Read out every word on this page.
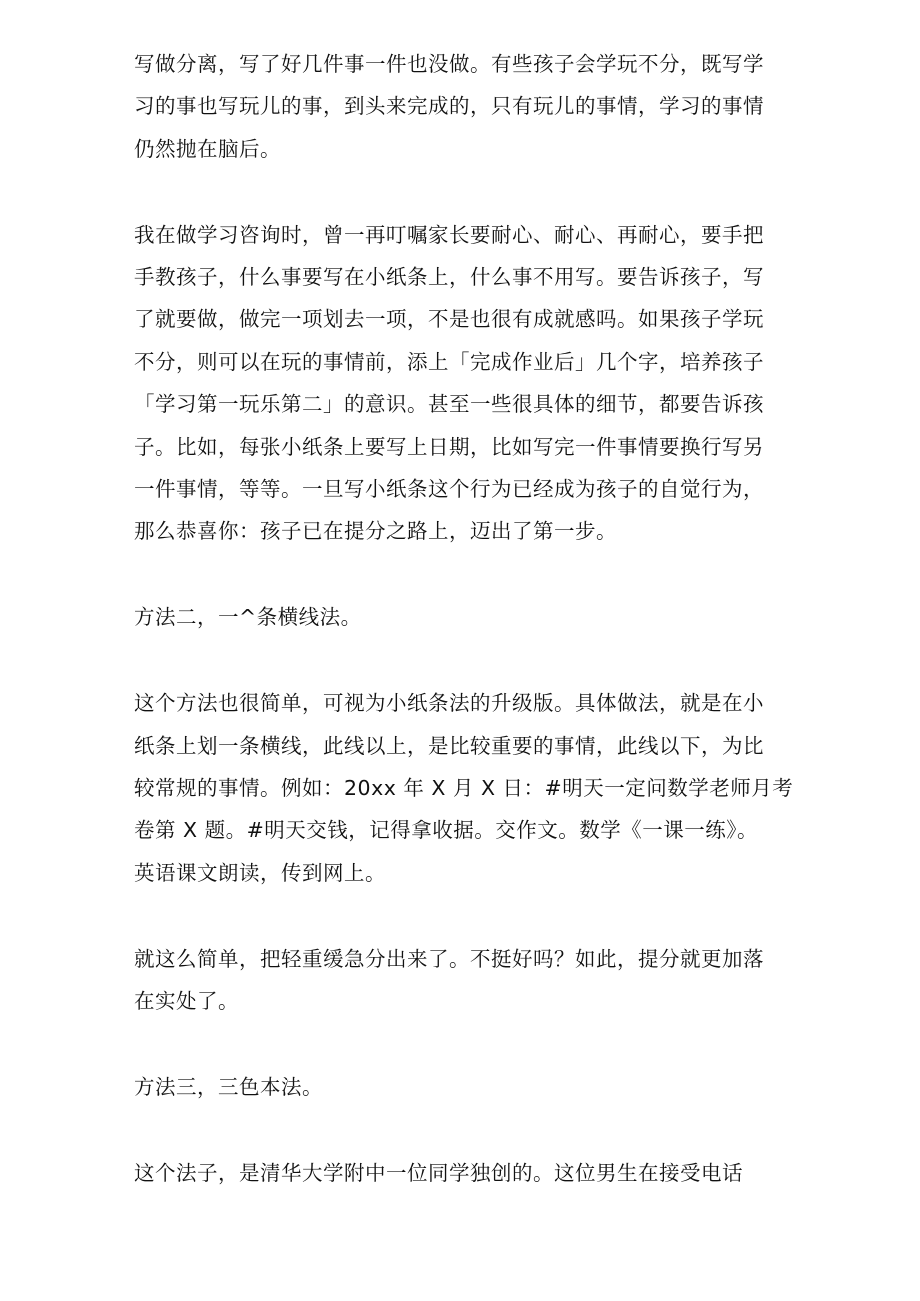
写做分离，写了好几件事一件也没做。有些孩子会学玩不分，既写学
习的事也写玩儿的事，到头来完成的，只有玩儿的事情，学习的事情
仍然抛在脑后。
我在做学习咨询时，曾一再叮嘱家长要耐心、耐心、再耐心，要手把
手教孩子，什么事要写在小纸条上，什么事不用写。要告诉孩子，写
了就要做，做完一项划去一项，不是也很有成就感吗。如果孩子学玩
不分，则可以在玩的事情前，添上「完成作业后」几个字，培养孩子
「学习第一玩乐第二」的意识。甚至一些很具体的细节，都要告诉孩
子。比如，每张小纸条上要写上日期，比如写完一件事情要换行写另
一件事情，等等。一旦写小纸条这个行为已经成为孩子的自觉行为，
那么恭喜你：孩子已在提分之路上，迈出了第一步。
方法二，一^条横线法。
这个方法也很简单，可视为小纸条法的升级版。具体做法，就是在小
纸条上划一条横线，此线以上，是比较重要的事情，此线以下，为比
较常规的事情。例如：20xx 年 X 月 X 日：#明天一定问数学老师月考
卷第 X 题。#明天交钱，记得拿收据。交作文。数学《一课一练》。
英语课文朗读，传到网上。
就这么简单，把轻重缓急分出来了。不挺好吗？如此，提分就更加落
在实处了。
方法三，三色本法。
这个法子，是清华大学附中一位同学独创的。这位男生在接受电话
